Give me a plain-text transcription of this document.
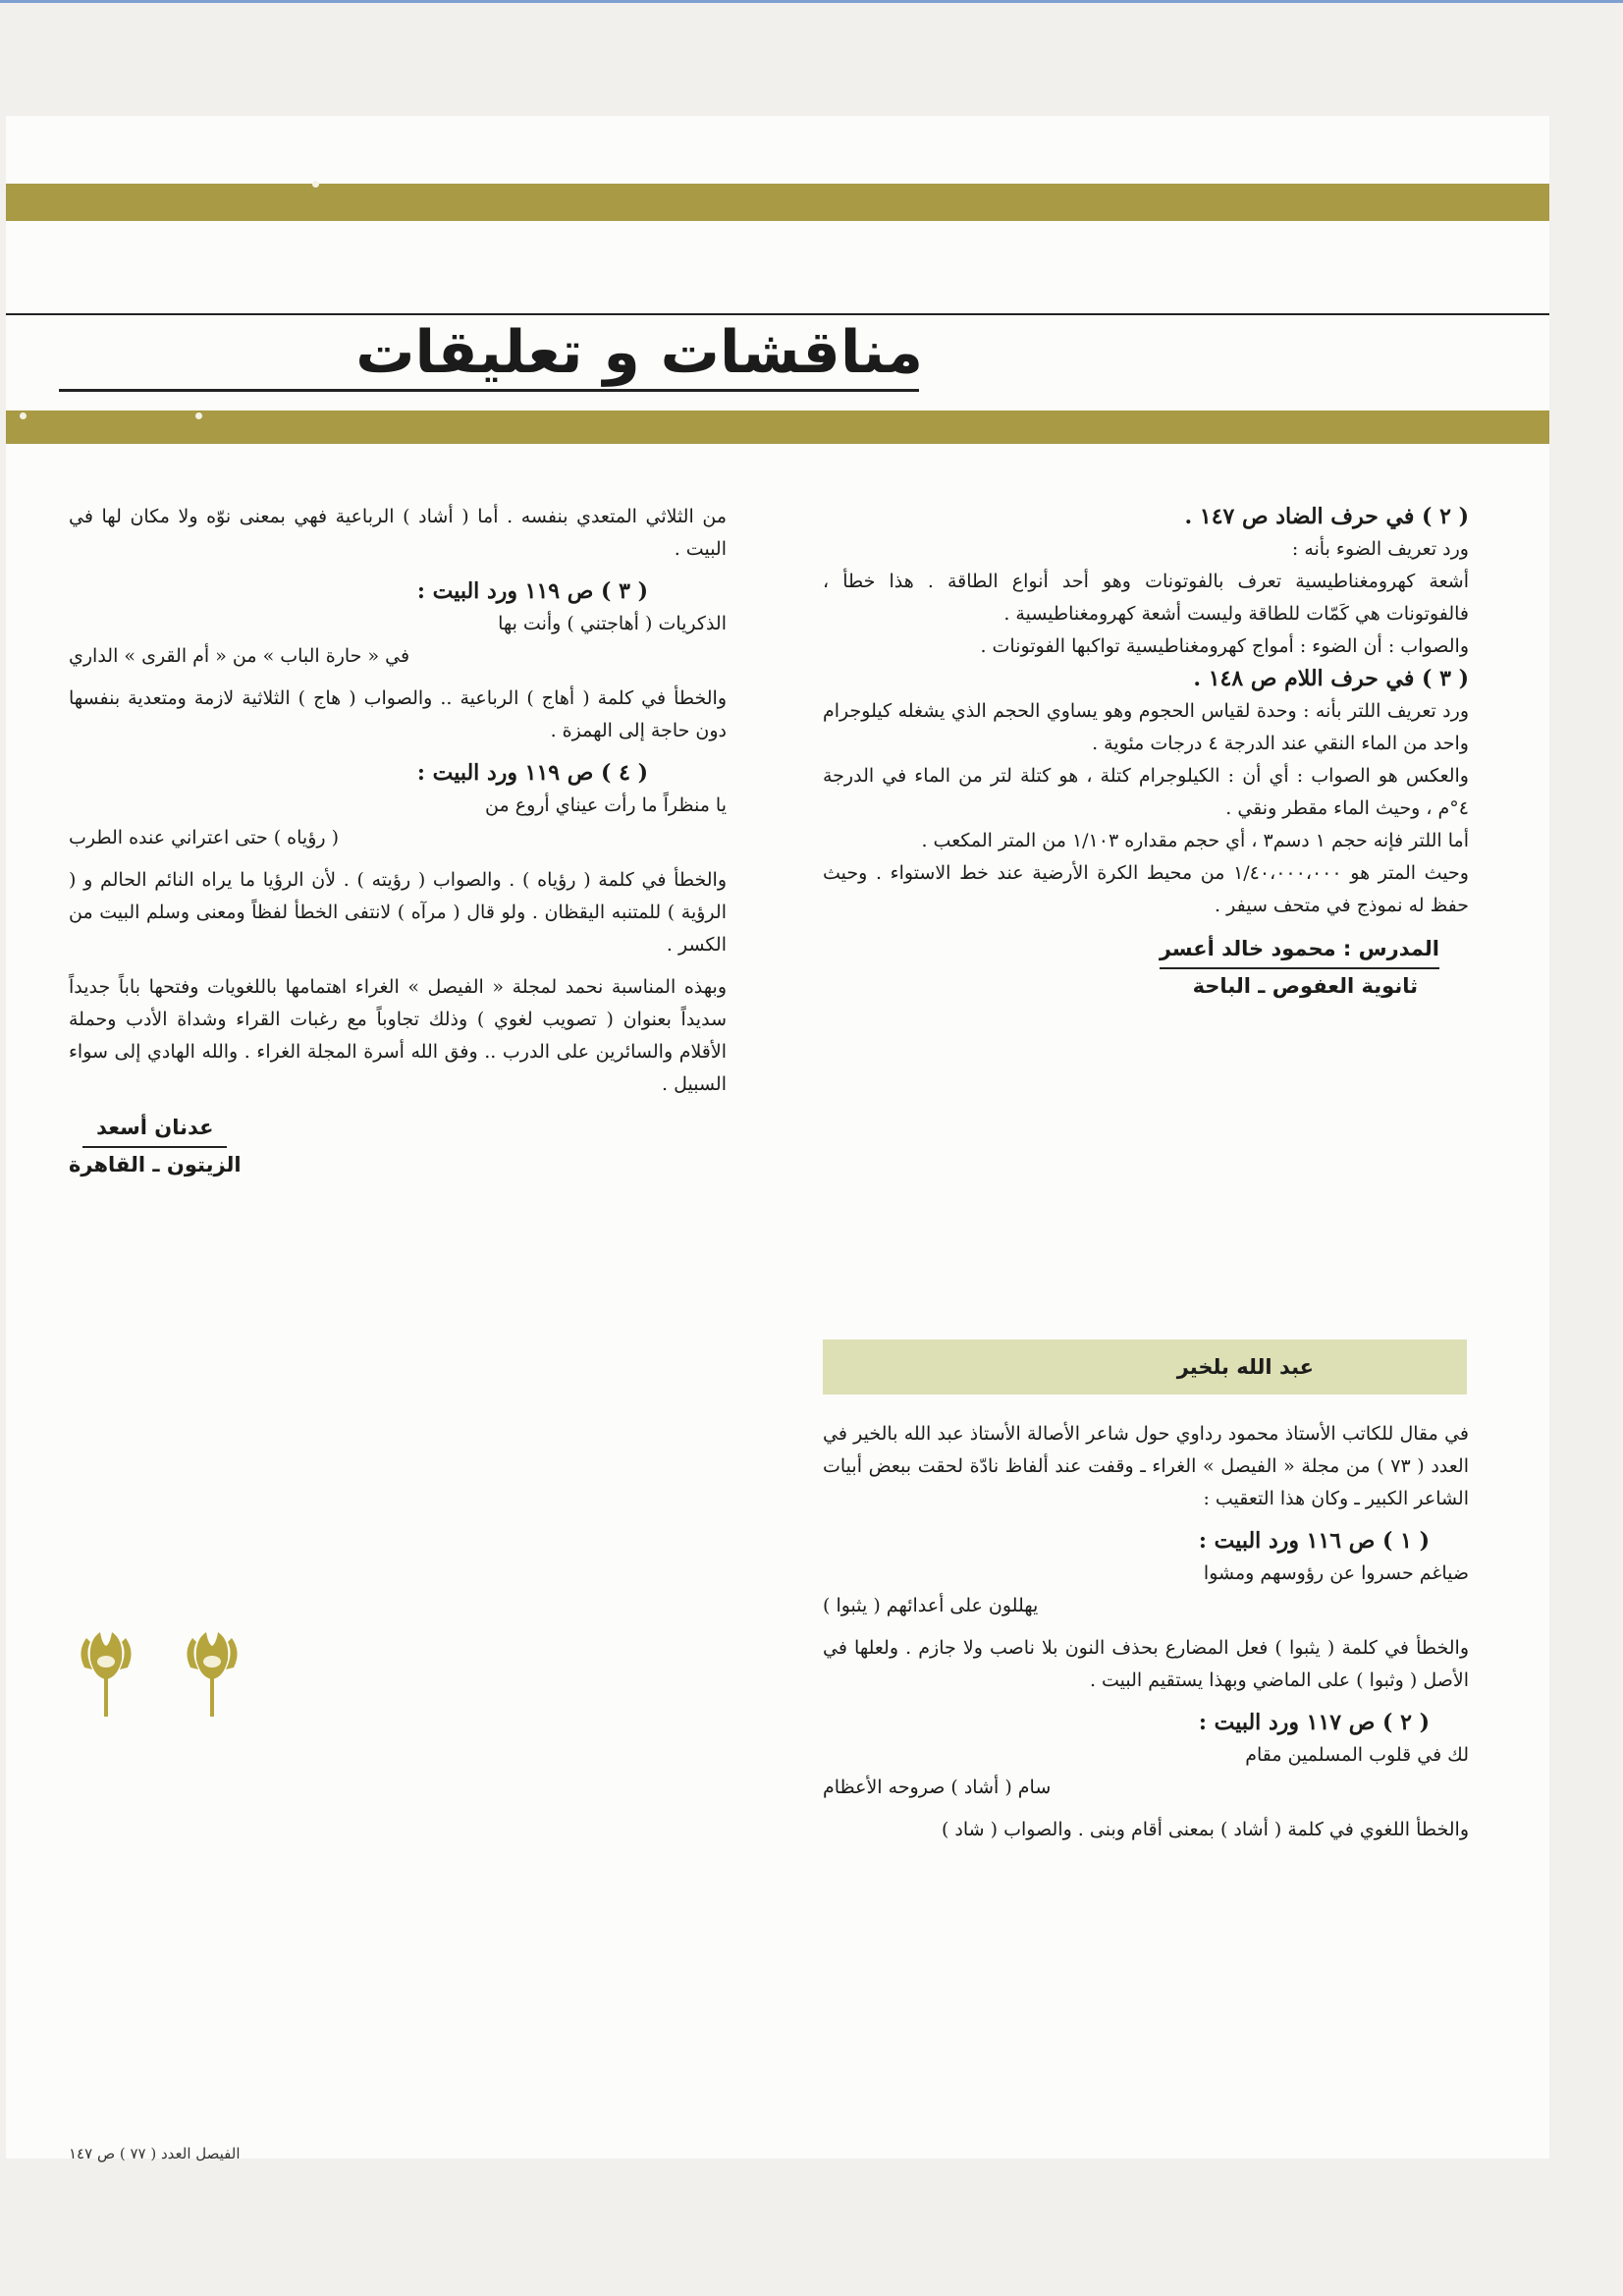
مناقشات و تعليقات

( ٢ ) في حرف الضاد ص ١٤٧ .

ورد تعريف الضوء بأنه :

أشعة كهرومغناطيسية تعرف بالفوتونات وهو أحد أنواع الطاقة . هذا خطأ ، فالفوتونات هي كَمّات للطاقة وليست أشعة كهرومغناطيسية .

والصواب : أن الضوء : أمواج كهرومغناطيسية تواكبها الفوتونات .

( ٣ ) في حرف اللام ص ١٤٨ .

ورد تعريف اللتر بأنه : وحدة لقياس الحجوم وهو يساوي الحجم الذي يشغله كيلوجرام واحد من الماء النقي عند الدرجة ٤ درجات مئوية .

والعكس هو الصواب : أي أن : الكيلوجرام كتلة ، هو كتلة لتر من الماء في الدرجة ٤°م ، وحيث الماء مقطر ونقي .

أما اللتر فإنه حجم ١ دسم٣ ، أي حجم مقداره ١/١٠٣ من المتر المكعب .

وحيث المتر هو ١/٤٠،٠٠٠،٠٠٠ من محيط الكرة الأرضية عند خط الاستواء . وحيث حفظ له نموذج في متحف سيفر .

المدرس : محمود خالد أعسر
ثانوية العفوص ـ الباحة
عبد الله بلخير

في مقال للكاتب الأستاذ محمود رداوي حول شاعر الأصالة الأستاذ عبد الله بالخير في العدد ( ٧٣ ) من مجلة « الفيصل » الغراء ـ وقفت عند ألفاظ نادّة لحقت ببعض أبيات الشاعر الكبير ـ وكان هذا التعقيب :

( ١ ) ص ١١٦ ورد البيت :

ضياغم حسروا عن رؤوسهم ومشوا

يهللون على أعدائهم ( يثبوا )

والخطأ في كلمة ( يثبوا ) فعل المضارع بحذف النون بلا ناصب ولا جازم . ولعلها في الأصل ( وثبوا ) على الماضي وبهذا يستقيم البيت .

( ٢ ) ص ١١٧ ورد البيت :

لك في قلوب المسلمين مقام

سام ( أشاد ) صروحه الأعظام

والخطأ اللغوي في كلمة ( أشاد ) بمعنى أقام وبنى . والصواب ( شاد )

من الثلاثي المتعدي بنفسه . أما ( أشاد ) الرباعية فهي بمعنى نوّه ولا مكان لها في البيت .

( ٣ ) ص ١١٩ ورد البيت :

الذكريات ( أهاجتني ) وأنت بها

في « حارة الباب » من « أم القرى » الداري

والخطأ في كلمة ( أهاج ) الرباعية .. والصواب ( هاج ) الثلاثية لازمة ومتعدية بنفسها دون حاجة إلى الهمزة .

( ٤ ) ص ١١٩ ورد البيت :

يا منظراً ما رأت عيناي أروع من

( رؤياه ) حتى اعتراني عنده الطرب

والخطأ في كلمة ( رؤياه ) . والصواب ( رؤيته ) . لأن الرؤيا ما يراه النائم الحالم و ( الرؤية ) للمتنبه اليقظان . ولو قال ( مرآه ) لانتفى الخطأ لفظاً ومعنى وسلم البيت من الكسر .

وبهذه المناسبة نحمد لمجلة « الفيصل » الغراء اهتمامها باللغويات وفتحها باباً جديداً سديداً بعنوان ( تصويب لغوي ) وذلك تجاوباً مع رغبات القراء وشداة الأدب وحملة الأقلام والسائرين على الدرب .. وفق الله أسرة المجلة الغراء . والله الهادي إلى سواء السبيل .

عدنان أسعد
الزيتون ـ القاهرة
الفيصل العدد ( ٧٧ ) ص ١٤٧
